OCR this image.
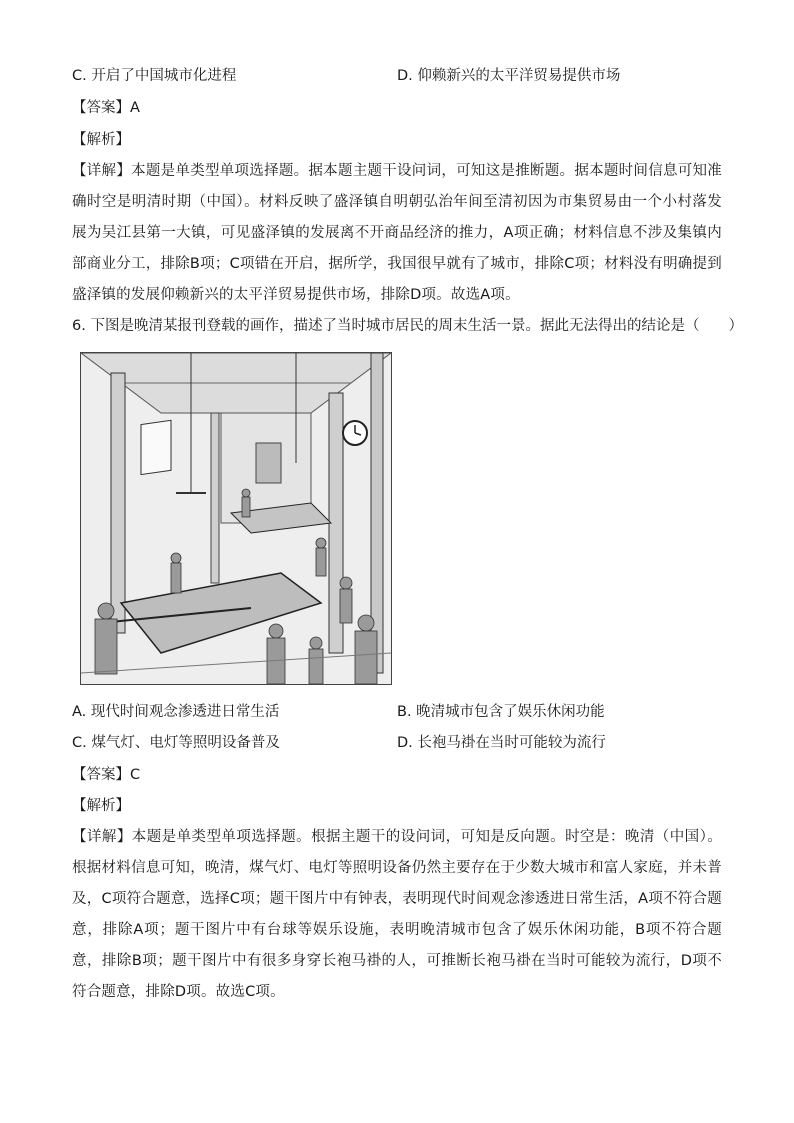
C. 开启了中国城市化进程	D. 仰赖新兴的太平洋贸易提供市场
【答案】A
【解析】
【详解】本题是单类型单项选择题。据本题主题干设问词，可知这是推断题。据本题时间信息可知准确时空是明清时期（中国）。材料反映了盛泽镇自明朝弘治年间至清初因为市集贸易由一个小村落发展为吴江县第一大镇，可见盛泽镇的发展离不开商品经济的推力，A项正确；材料信息不涉及集镇内部商业分工，排除B项；C项错在开启，据所学，我国很早就有了城市，排除C项；材料没有明确提到盛泽镇的发展仰赖新兴的太平洋贸易提供市场，排除D项。故选A项。
6. 下图是晚清某报刊登载的画作，描述了当时城市居民的周末生活一景。据此无法得出的结论是（　　）
A. 现代时间观念渗透进日常生活	B. 晚清城市包含了娱乐休闲功能
C. 煤气灯、电灯等照明设备普及	D. 长袍马褂在当时可能较为流行
【答案】C
【解析】
【详解】本题是单类型单项选择题。根据主题干的设问词，可知是反向题。时空是：晚清（中国）。根据材料信息可知，晚清，煤气灯、电灯等照明设备仍然主要存在于少数大城市和富人家庭，并未普及，C项符合题意，选择C项；题干图片中有钟表，表明现代时间观念渗透进日常生活，A项不符合题意，排除A项；题干图片中有台球等娱乐设施，表明晚清城市包含了娱乐休闲功能，B项不符合题意，排除B项；题干图片中有很多身穿长袍马褂的人，可推断长袍马褂在当时可能较为流行，D项不符合题意，排除D项。故选C项。
